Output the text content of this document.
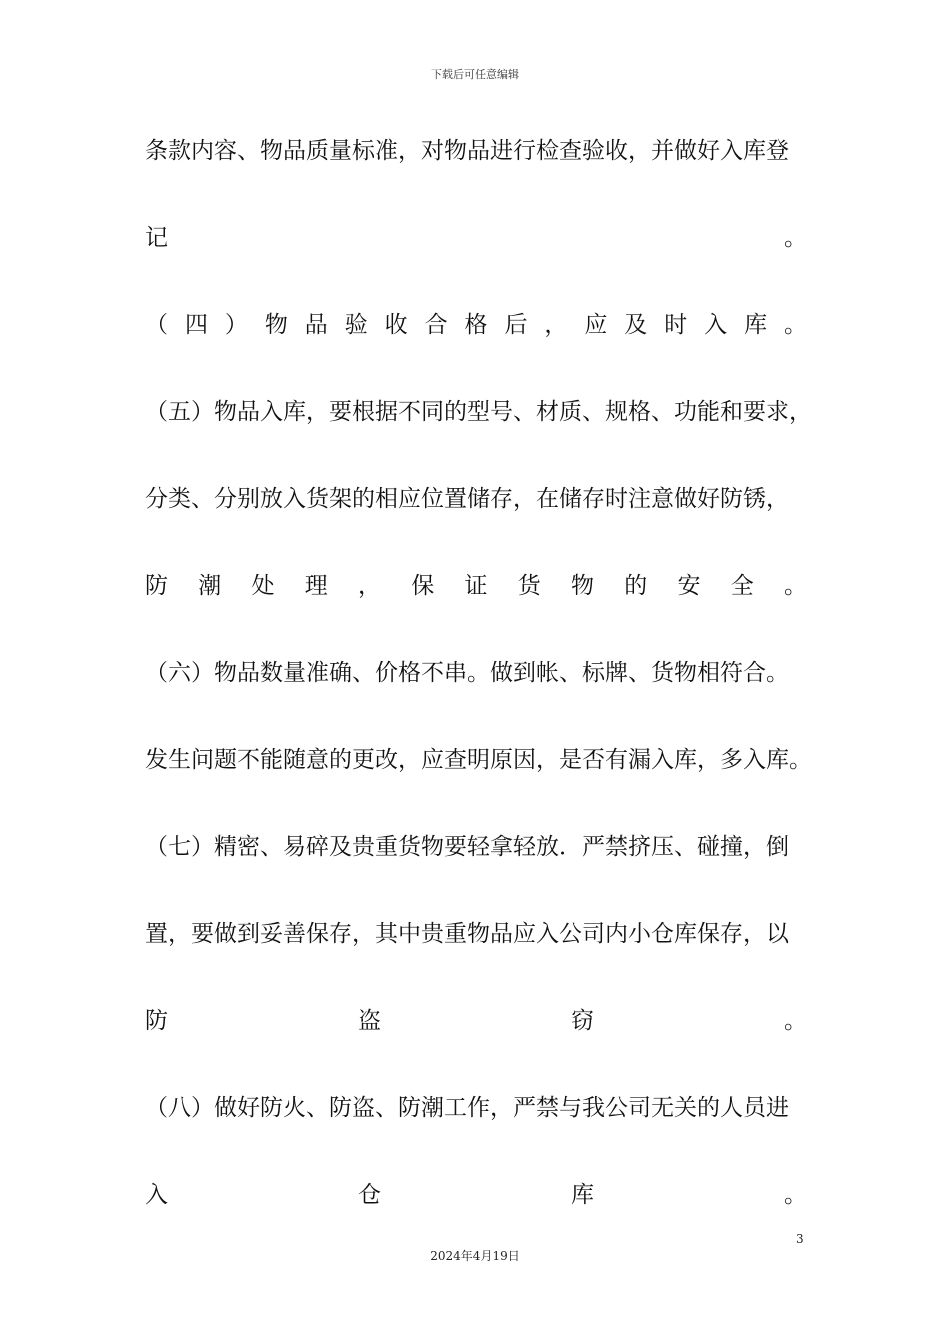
下载后可任意编辑
条款内容、物品质量标准，对物品进行检查验收，并做好入库登
记	。
（ 四 ） 物 品 验 收 合 格 后 ， 应 及 时 入 库 。
（五）物品入库，要根据不同的型号、材质、规格、功能和要求，
分类、分别放入货架的相应位置储存，在储存时注意做好防锈，
防 潮 处 理 ， 保 证 货 物 的 安 全 。
（六）物品数量准确、价格不串。做到帐、标牌、货物相符合。
发生问题不能随意的更改，应查明原因，是否有漏入库，多入库。
（七）精密、易碎及贵重货物要轻拿轻放．严禁挤压、碰撞，倒
置，要做到妥善保存，其中贵重物品应入公司内小仓库保存，以
防	盗	窃	。
（八）做好防火、防盗、防潮工作，严禁与我公司无关的人员进
入	仓	库	。
3
2024年4月19日
